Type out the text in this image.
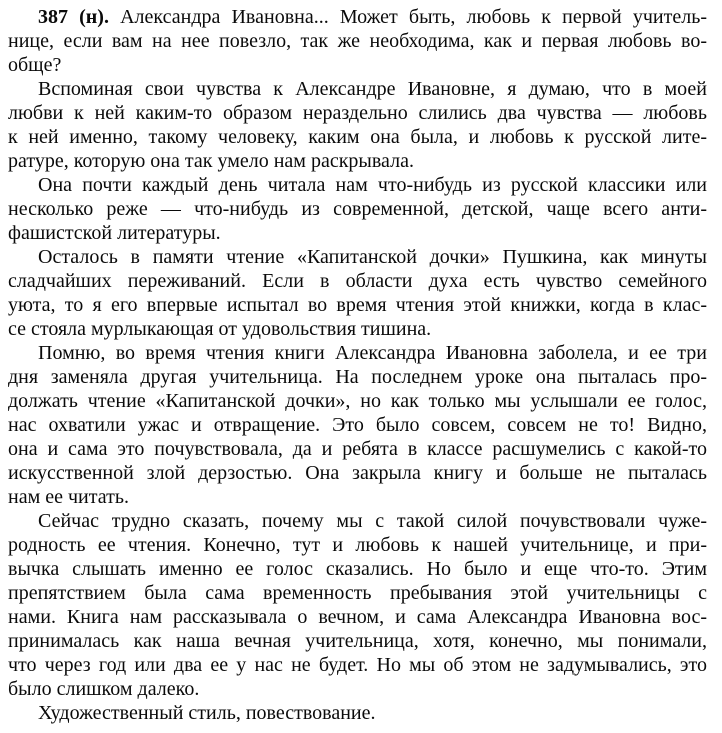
387 (н). Александра Ивановна... Может быть, любовь к первой учитель-
нице, если вам на нее повезло, так же необходима, как и первая любовь во-
обще?
Вспоминая свои чувства к Александре Ивановне, я думаю, что в моей
любви к ней каким-то образом нераздельно слились два чувства — любовь
к ней именно, такому человеку, каким она была, и любовь к русской лите-
ратуре, которую она так умело нам раскрывала.
Она почти каждый день читала нам что-нибудь из русской классики или
несколько реже — что-нибудь из современной, детской, чаще всего анти-
фашистской литературы.
Осталось в памяти чтение «Капитанской дочки» Пушкина, как минуты
сладчайших переживаний. Если в области духа есть чувство семейного
уюта, то я его впервые испытал во время чтения этой книжки, когда в клас-
се стояла мурлыкающая от удовольствия тишина.
Помню, во время чтения книги Александра Ивановна заболела, и ее три
дня заменяла другая учительница. На последнем уроке она пыталась про-
должать чтение «Капитанской дочки», но как только мы услышали ее голос,
нас охватили ужас и отвращение. Это было совсем, совсем не то! Видно,
она и сама это почувствовала, да и ребята в классе расшумелись с какой-то
искусственной злой дерзостью. Она закрыла книгу и больше не пыталась
нам ее читать.
Сейчас трудно сказать, почему мы с такой силой почувствовали чуже-
родность ее чтения. Конечно, тут и любовь к нашей учительнице, и при-
вычка слышать именно ее голос сказались. Но было и еще что-то. Этим
препятствием была сама временность пребывания этой учительницы с
нами. Книга нам рассказывала о вечном, и сама Александра Ивановна вос-
принималась как наша вечная учительница, хотя, конечно, мы понимали,
что через год или два ее у нас не будет. Но мы об этом не задумывались, это
было слишком далеко.
Художественный стиль, повествование.
